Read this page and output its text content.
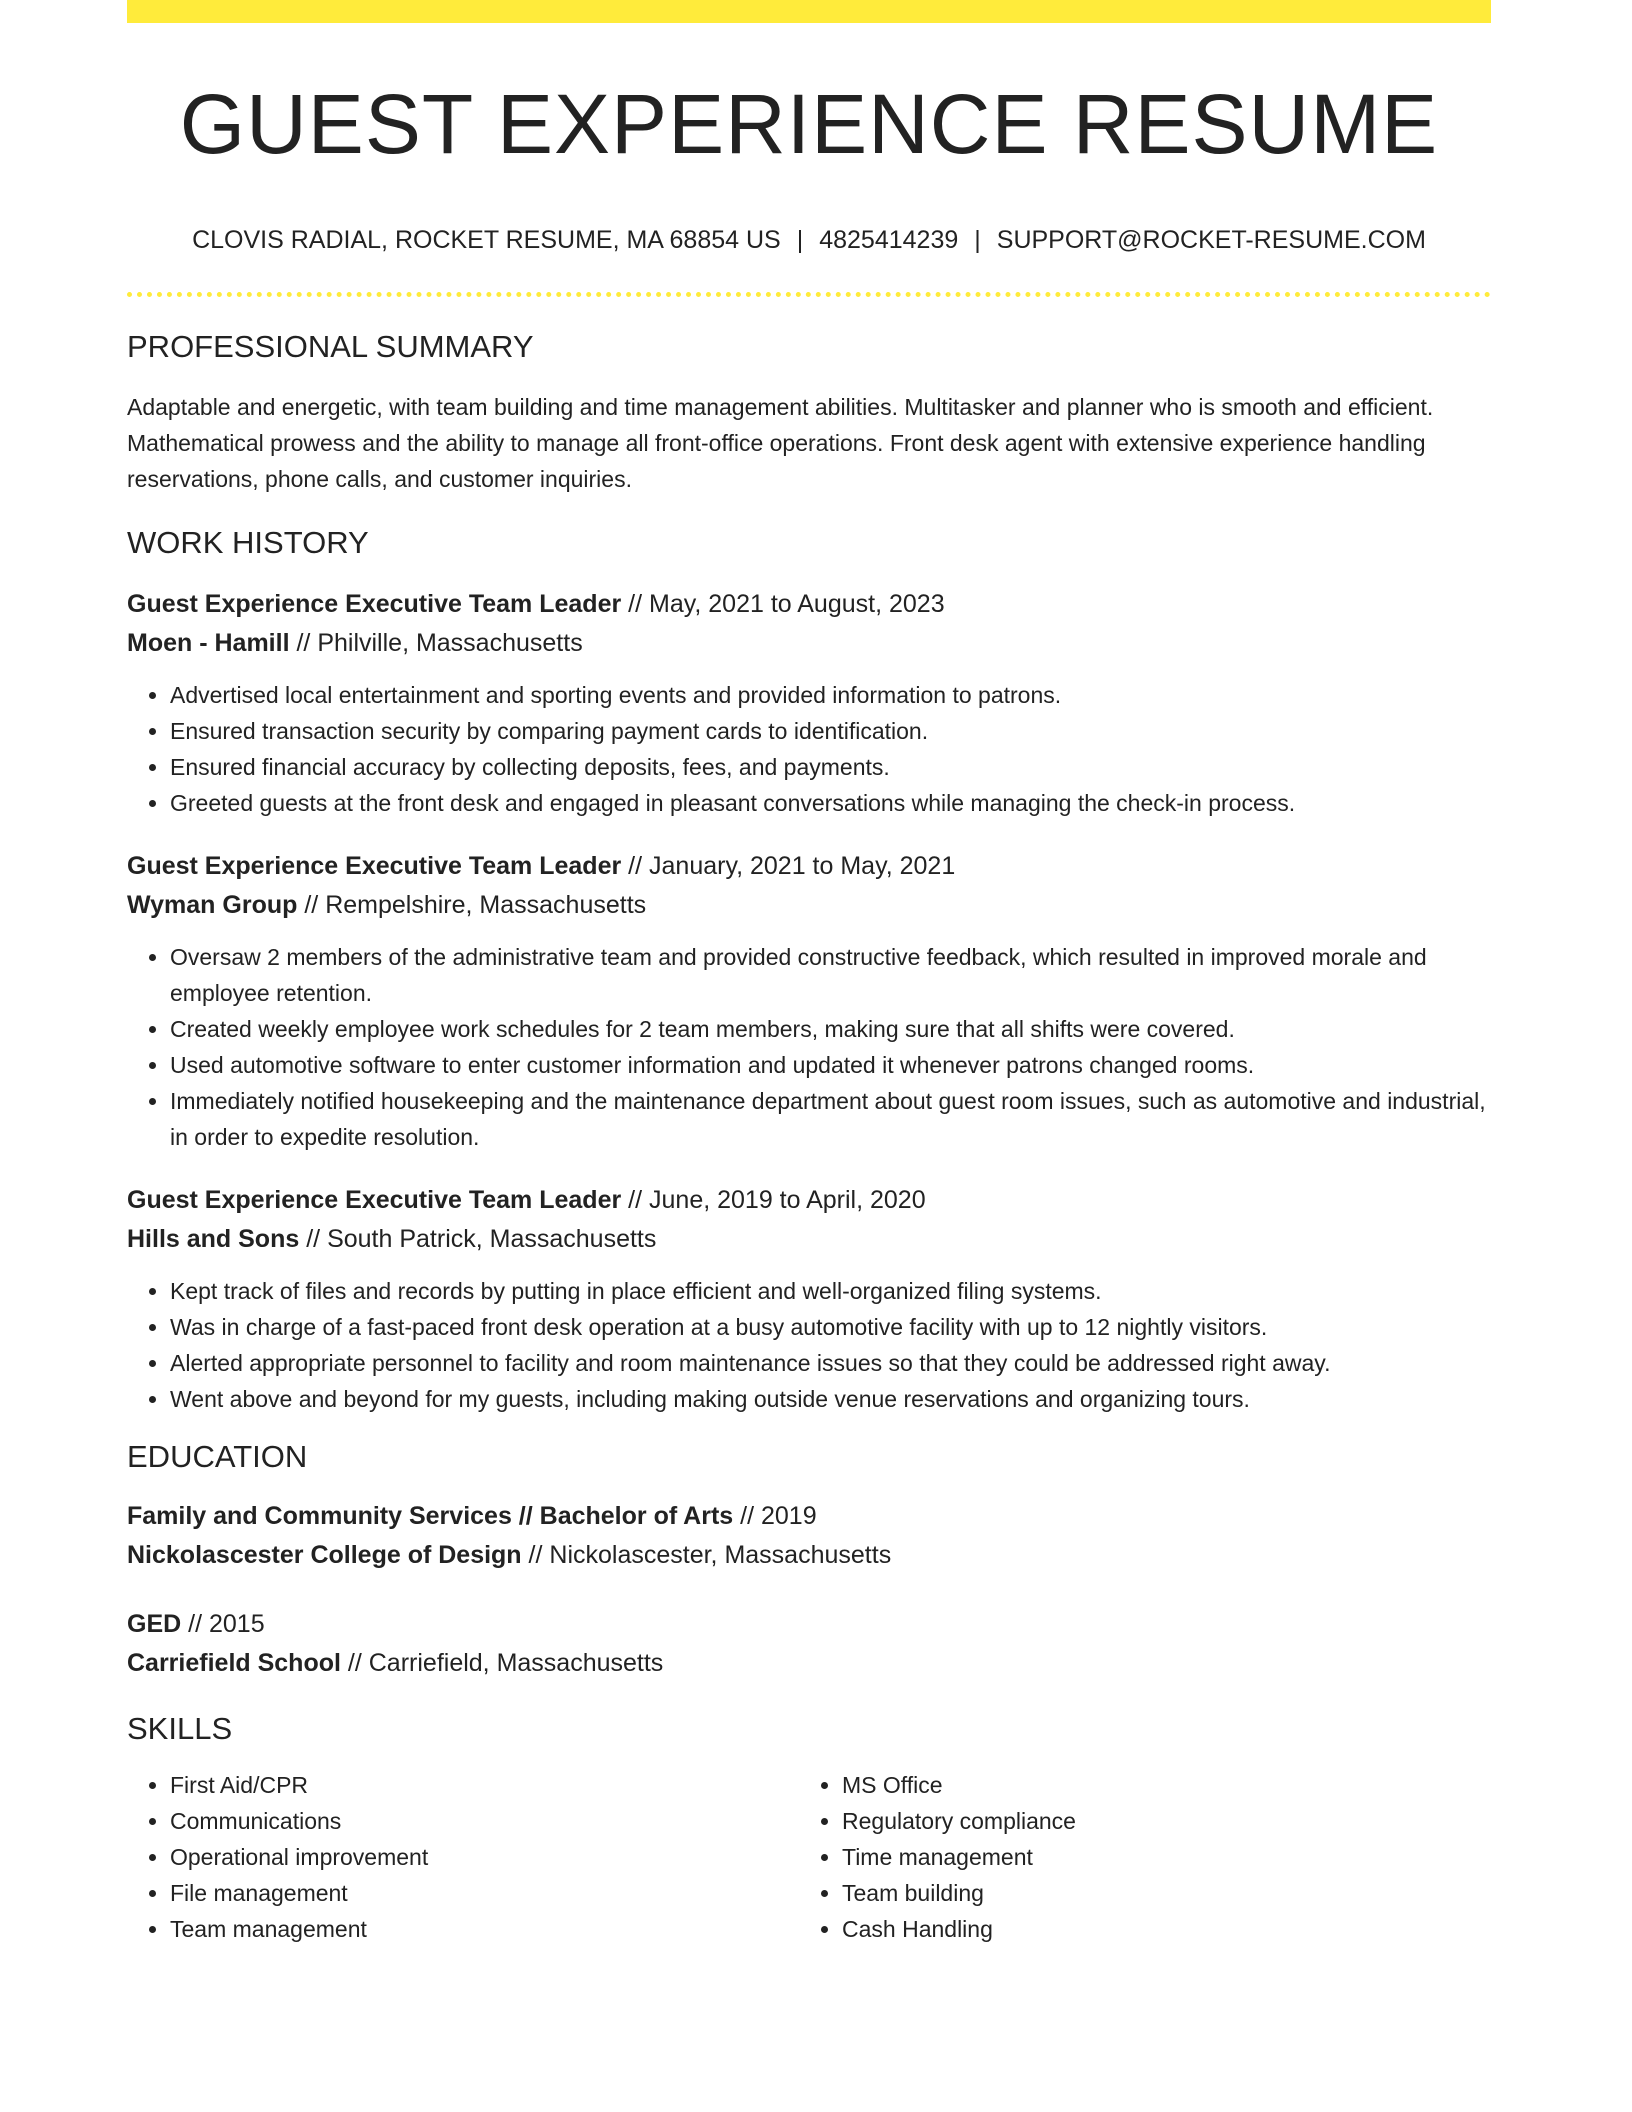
GUEST EXPERIENCE RESUME
CLOVIS RADIAL, ROCKET RESUME, MA 68854 US | 4825414239 | SUPPORT@ROCKET-RESUME.COM
PROFESSIONAL SUMMARY
Adaptable and energetic, with team building and time management abilities. Multitasker and planner who is smooth and efficient. Mathematical prowess and the ability to manage all front-office operations. Front desk agent with extensive experience handling reservations, phone calls, and customer inquiries.
WORK HISTORY
Guest Experience Executive Team Leader // May, 2021 to August, 2023
Moen - Hamill // Philville, Massachusetts
• Advertised local entertainment and sporting events and provided information to patrons.
• Ensured transaction security by comparing payment cards to identification.
• Ensured financial accuracy by collecting deposits, fees, and payments.
• Greeted guests at the front desk and engaged in pleasant conversations while managing the check-in process.
Guest Experience Executive Team Leader // January, 2021 to May, 2021
Wyman Group // Rempelshire, Massachusetts
• Oversaw 2 members of the administrative team and provided constructive feedback, which resulted in improved morale and employee retention.
• Created weekly employee work schedules for 2 team members, making sure that all shifts were covered.
• Used automotive software to enter customer information and updated it whenever patrons changed rooms.
• Immediately notified housekeeping and the maintenance department about guest room issues, such as automotive and industrial, in order to expedite resolution.
Guest Experience Executive Team Leader // June, 2019 to April, 2020
Hills and Sons // South Patrick, Massachusetts
• Kept track of files and records by putting in place efficient and well-organized filing systems.
• Was in charge of a fast-paced front desk operation at a busy automotive facility with up to 12 nightly visitors.
• Alerted appropriate personnel to facility and room maintenance issues so that they could be addressed right away.
• Went above and beyond for my guests, including making outside venue reservations and organizing tours.
EDUCATION
Family and Community Services // Bachelor of Arts // 2019
Nickolascester College of Design // Nickolascester, Massachusetts
GED // 2015
Carriefield School // Carriefield, Massachusetts
SKILLS
• First Aid/CPR
• Communications
• Operational improvement
• File management
• Team management
• MS Office
• Regulatory compliance
• Time management
• Team building
• Cash Handling
